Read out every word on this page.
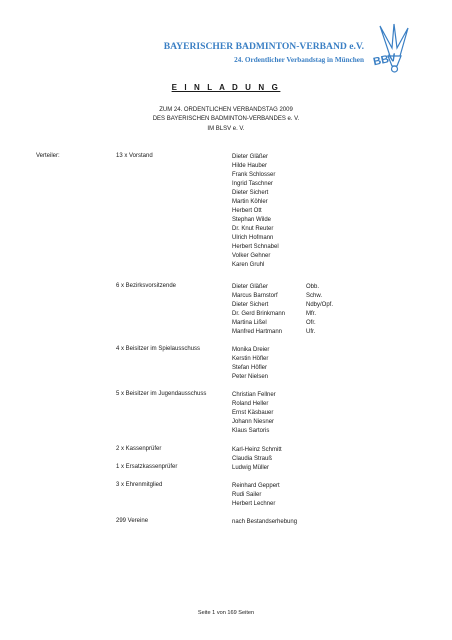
BAYERISCHER BADMINTON-VERBAND e.V.
24. Ordentlicher Verbandstag in München BBV
E I N L A D U N G
ZUM 24. ORDENTLICHEN VERBANDSTAG 2009
DES BAYERISCHEN BADMINTON-VERBANDES e. V.
IM BLSV e. V.
Verteiler:	13 x Vorstand	Dieter Gläßer
Hilde Hauber
Frank Schlosser
Ingrid Taschner
Dieter Sichert
Martin Köhler
Herbert Ott
Stephan Wilde
Dr. Knut Reuter
Ulrich Hofmann
Herbert Schnabel
Volker Gehner
Karen Gruhl
6 x Bezirksvorsitzende	Dieter Gläßer	Obb.
Marcus Barnstorf	Schw.
Dieter Sichert	Ndby/Opf.
Dr. Gerd Brinkmann	Mfr.
Martina Lißel	Ofr.
Manfred Hartmann	Ufr.
4 x Beisitzer im Spielausschuss	Monika Dreier
Kerstin Höfler
Stefan Höfler
Peter Nielsen
5 x Beisitzer im Jugendausschuss	Christian Fellner
Roland Heller
Ernst Käsbauer
Johann Niesner
Klaus Sartoris
2 x Kassenprüfer	Karl-Heinz Schmitt
Claudia Strauß
1 x Ersatzkassenprüfer	Ludwig Müller
3 x Ehrenmitglied	Reinhard Geppert
Rudi Sailer
Herbert Lechner
299 Vereine	nach Bestandserhebung
Seite 1 von 169 Seiten
